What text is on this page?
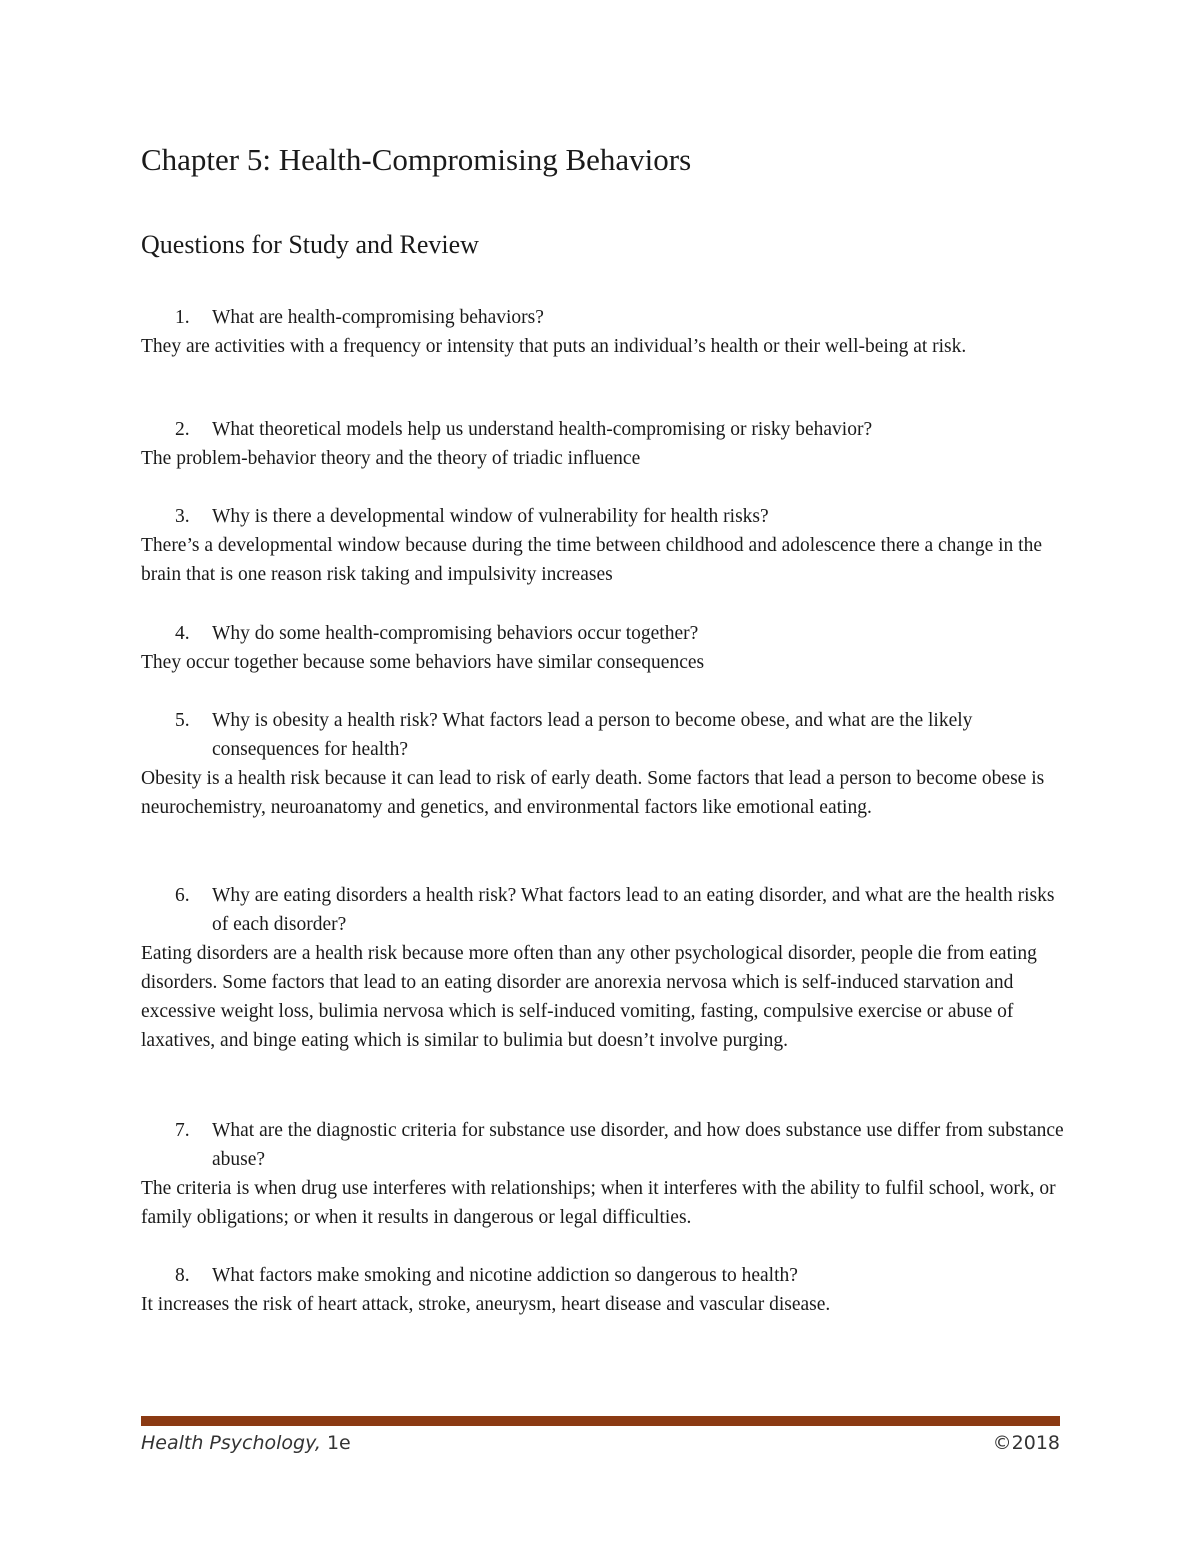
Chapter 5: Health-Compromising Behaviors
Questions for Study and Review

1. What are health-compromising behaviors?

They are activities with a frequency or intensity that puts an individual’s health or their well-being at risk.

2. What theoretical models help us understand health-compromising or risky behavior?

The problem-behavior theory and the theory of triadic influence

3. Why is there a developmental window of vulnerability for health risks?

There’s a developmental window because during the time between childhood and adolescence there a change in the brain that is one reason risk taking and impulsivity increases

4. Why do some health-compromising behaviors occur together?

They occur together because some behaviors have similar consequences

5. Why is obesity a health risk? What factors lead a person to become obese, and what are the likely consequences for health?

Obesity is a health risk because it can lead to risk of early death. Some factors that lead a person to become obese is neurochemistry, neuroanatomy and genetics, and environmental factors like emotional eating.

6. Why are eating disorders a health risk? What factors lead to an eating disorder, and what are the health risks of each disorder?

Eating disorders are a health risk because more often than any other psychological disorder, people die from eating disorders. Some factors that lead to an eating disorder are anorexia nervosa which is self-induced starvation and excessive weight loss, bulimia nervosa which is self-induced vomiting, fasting, compulsive exercise or abuse of laxatives, and binge eating which is similar to bulimia but doesn’t involve purging.

7. What are the diagnostic criteria for substance use disorder, and how does substance use differ from substance abuse?

The criteria is when drug use interferes with relationships; when it interferes with the ability to fulfil school, work, or family obligations; or when it results in dangerous or legal difficulties.

8. What factors make smoking and nicotine addiction so dangerous to health?

It increases the risk of heart attack, stroke, aneurysm, heart disease and vascular disease.

Health Psychology, 1e	©2018
